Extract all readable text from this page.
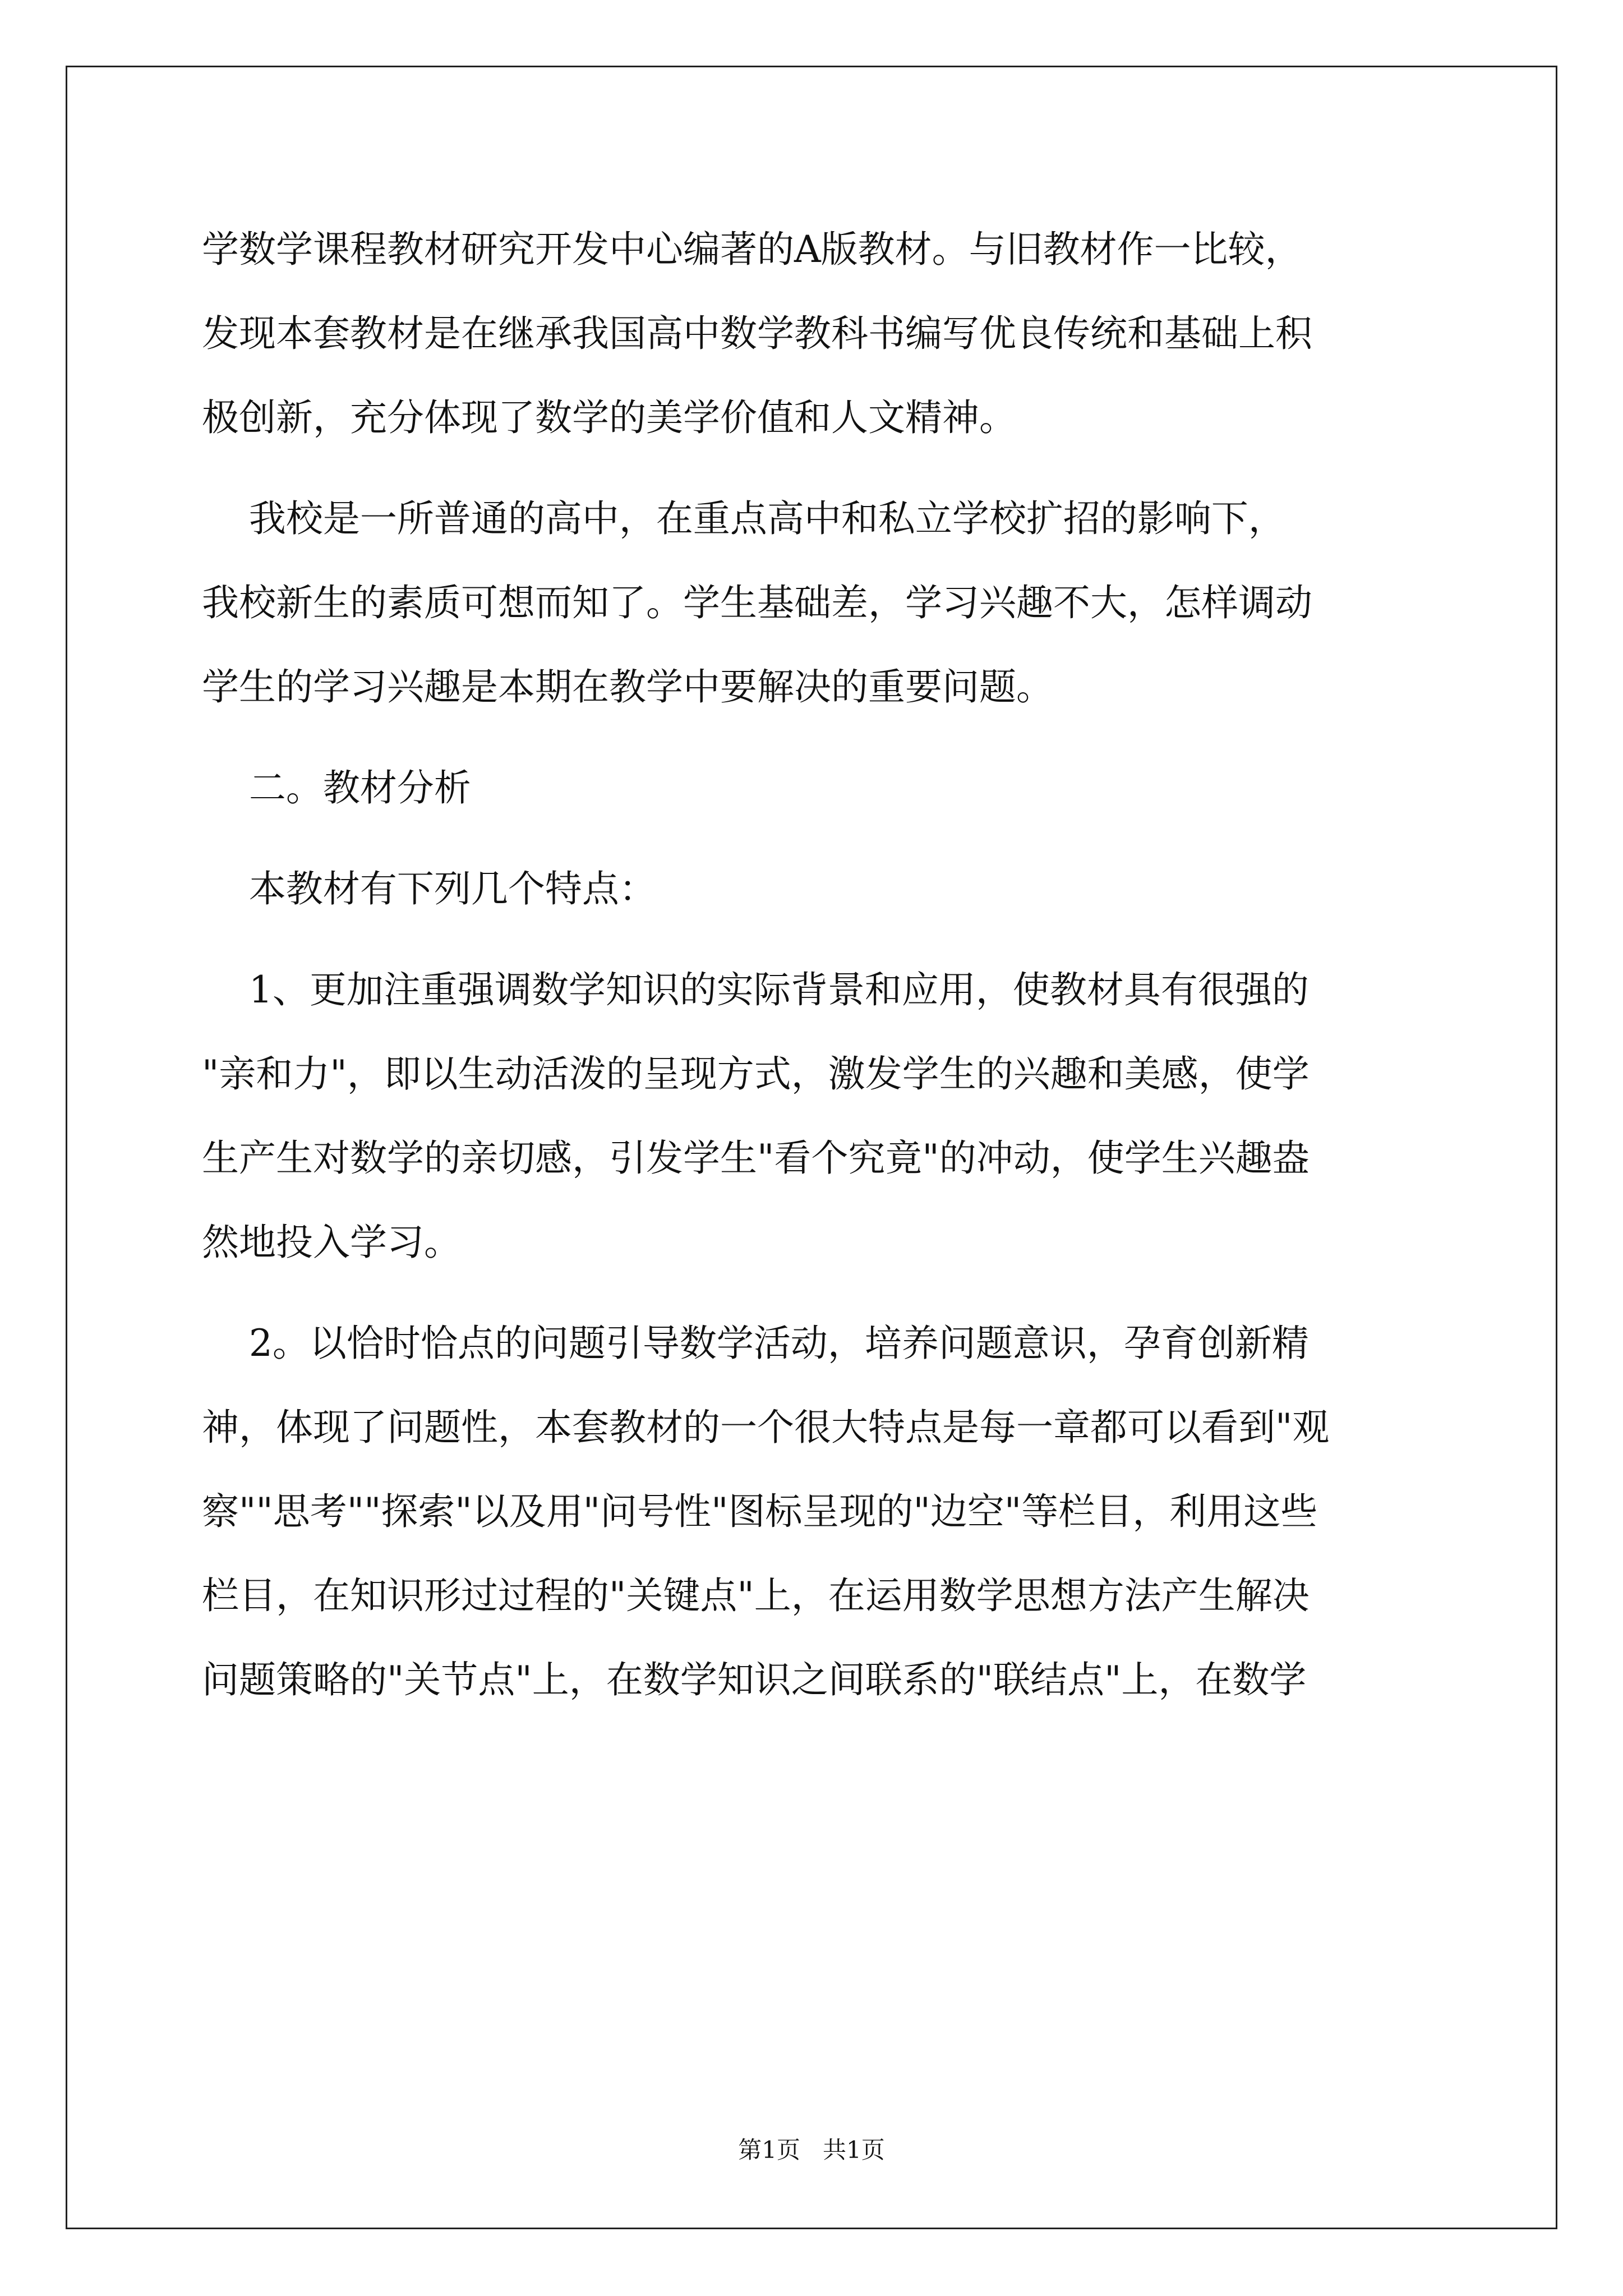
学数学课程教材研究开发中心编著的A版教材。与旧教材作一比较，
发现本套教材是在继承我国高中数学教科书编写优良传统和基础上积
极创新，充分体现了数学的美学价值和人文精神。

我校是一所普通的高中，在重点高中和私立学校扩招的影响下，
我校新生的素质可想而知了。学生基础差，学习兴趣不大，怎样调动
学生的学习兴趣是本期在教学中要解决的重要问题。

二。教材分析

本教材有下列几个特点：

1、更加注重强调数学知识的实际背景和应用，使教材具有很强的
"亲和力"，即以生动活泼的呈现方式，激发学生的兴趣和美感，使学
生产生对数学的亲切感，引发学生"看个究竟"的冲动，使学生兴趣盎
然地投入学习。

2。以恰时恰点的问题引导数学活动，培养问题意识，孕育创新精
神，体现了问题性，本套教材的一个很大特点是每一章都可以看到"观
察""思考""探索"以及用"问号性"图标呈现的"边空"等栏目，利用这些
栏目，在知识形过过程的"关键点"上，在运用数学思想方法产生解决
问题策略的"关节点"上，在数学知识之间联系的"联结点"上，在数学

第1页   共1页
